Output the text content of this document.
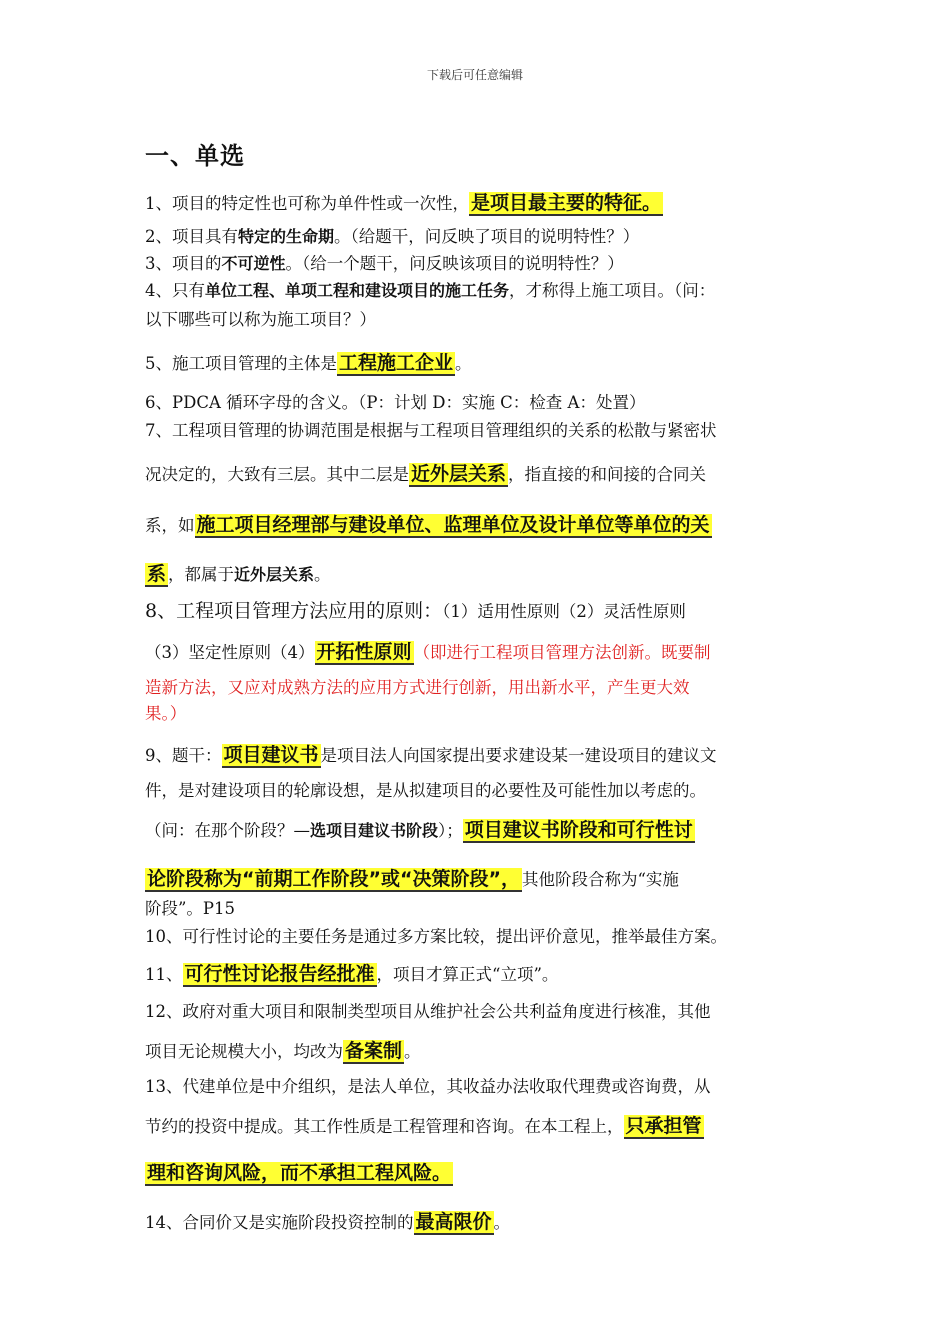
下载后可任意编辑
一、单选
1、项目的特定性也可称为单件性或一次性， 是项目最主要的特征。
2、项目具有特定的生命期。（给题干，问反映了项目的说明特性？）
3、项目的不可逆性。（给一个题干，问反映该项目的说明特性？）
4、只有单位工程、单项工程和建设项目的施工任务，才称得上施工项目。（问：
以下哪些可以称为施工项目？）
5、施工项目管理的主体是 工程施工企业 。
6、PDCA 循环字母的含义。（P：计划 D：实施 C：检查 A：处置）
7、工程项目管理的协调范围是根据与工程项目管理组织的关系的松散与紧密状
况决定的，大致有三层。其中二层是 近外层关系 ，指直接的和间接的合同关
系，如 施工项目经理部与建设单位、监理单位及设计单位等单位的关
系 ，都属于近外层关系。
8、工程项目管理方法应用的原则：（1）适用性原则（2）灵活性原则
（3）坚定性原则（4） 开拓性原则 （即进行工程项目管理方法创新。既要制
造新方法，又应对成熟方法的应用方式进行创新，用出新水平，产生更大效
果。）
9、题干： 项目建议书 是项目法人向国家提出要求建设某一建设项目的建议文
件，是对建设项目的轮廓设想，是从拟建项目的必要性及可能性加以考虑的。
（问：在那个阶段？—选项目建议书阶段）； 项目建议书阶段和可行性讨
论阶段称为“前期工作阶段”或“决策阶段”， 其他阶段合称为“实施
阶段”。P15
10、可行性讨论的主要任务是通过多方案比较，提出评价意见，推举最佳方案。
11、 可行性讨论报告经批准 ，项目才算正式“立项”。
12、政府对重大项目和限制类型项目从维护社会公共利益角度进行核准，其他
项目无论规模大小，均改为 备案制 。
13、代建单位是中介组织，是法人单位，其收益办法收取代理费或咨询费，从
节约的投资中提成。其工作性质是工程管理和咨询。在本工程上， 只承担管
理和咨询风险，而不承担工程风险。
14、合同价又是实施阶段投资控制的 最高限价 。
